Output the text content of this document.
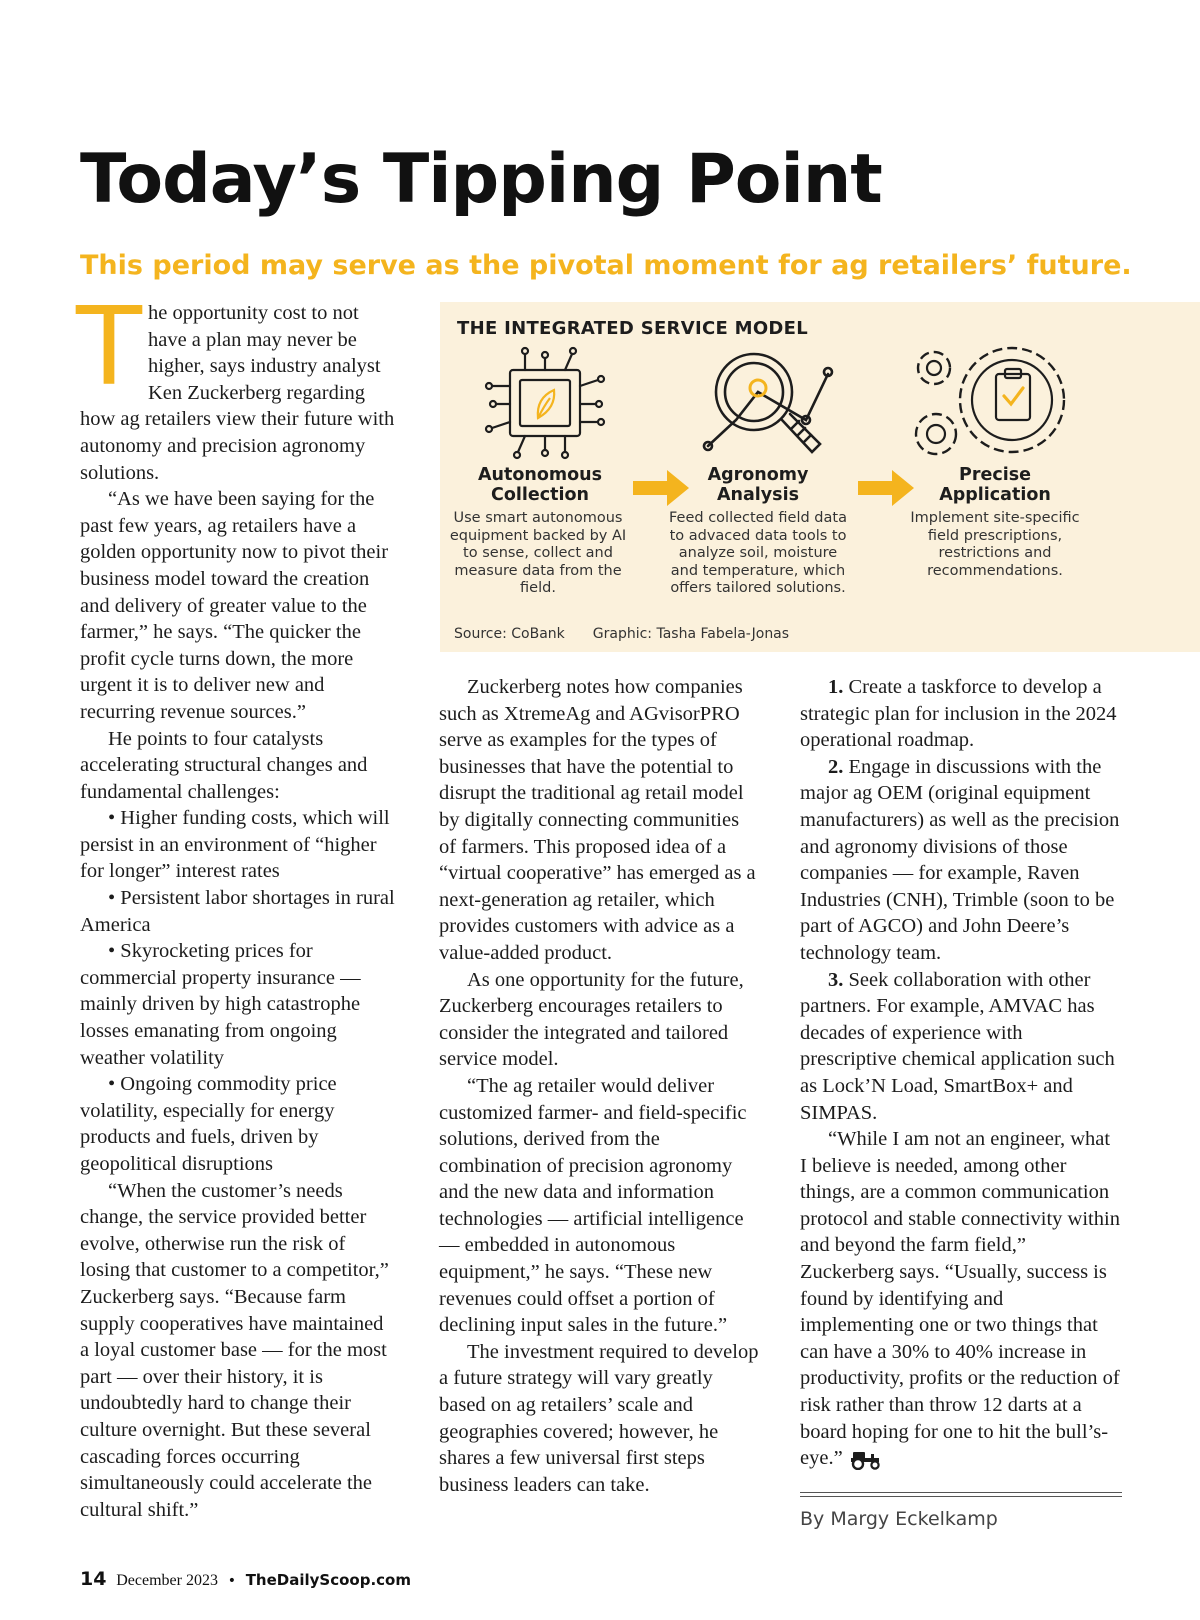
Today’s Tipping Point
This period may serve as the pivotal moment for ag retailers’ future.

The opportunity cost to not have a plan may never be higher, says industry analyst Ken Zuckerberg regarding how ag retailers view their future with autonomy and precision agronomy solutions.

“As we have been saying for the past few years, ag retailers have a golden opportunity now to pivot their business model toward the creation and delivery of greater value to the farmer,” he says. “The quicker the profit cycle turns down, the more urgent it is to deliver new and recurring revenue sources.”

He points to four catalysts accelerating structural changes and fundamental challenges:

• Higher funding costs, which will persist in an environment of “higher for longer” interest rates

• Persistent labor shortages in rural America

• Skyrocketing prices for commercial property insurance — mainly driven by high catastrophe losses emanating from ongoing weather volatility

• Ongoing commodity price volatility, especially for energy products and fuels, driven by geopolitical disruptions

“When the customer’s needs change, the service provided better evolve, otherwise run the risk of losing that customer to a competitor,” Zuckerberg says. “Because farm supply cooperatives have maintained a loyal customer base — for the most part — over their history, it is undoubtedly hard to change their culture overnight. But these several cascading forces occurring simultaneously could accelerate the cultural shift.”

THE INTEGRATED SERVICE MODEL
Autonomous
Collection
Agronomy
Analysis
Precise
Application
Use smart autonomous equipment backed by AI to sense, collect and measure data from the field.
Feed collected field data to advaced data tools to analyze soil, moisture and temperature, which offers tailored solutions.
Implement site-specific field prescriptions, restrictions and recommendations.
Source: CoBank Graphic: Tasha Fabela-Jonas

Zuckerberg notes how companies such as XtremeAg and AGvisorPRO serve as examples for the types of businesses that have the potential to disrupt the traditional ag retail model by digitally connecting communities of farmers. This proposed idea of a “virtual cooperative” has emerged as a next-generation ag retailer, which provides customers with advice as a value-added product.

As one opportunity for the future, Zuckerberg encourages retailers to consider the integrated and tailored service model.

“The ag retailer would deliver customized farmer- and field-specific solutions, derived from the combination of precision agronomy and the new data and information technologies — artificial intelligence — embedded in autonomous equipment,” he says. “These new revenues could offset a portion of declining input sales in the future.”

The investment required to develop a future strategy will vary greatly based on ag retailers’ scale and geographies covered; however, he shares a few universal first steps business leaders can take.

1. Create a taskforce to develop a strategic plan for inclusion in the 2024 operational roadmap.

2. Engage in discussions with the major ag OEM (original equipment manufacturers) as well as the precision and agronomy divisions of those companies — for example, Raven Industries (CNH), Trimble (soon to be part of AGCO) and John Deere’s technology team.

3. Seek collaboration with other partners. For example, AMVAC has decades of experience with prescriptive chemical application such as Lock’N Load, SmartBox+ and SIMPAS.

“While I am not an engineer, what I believe is needed, among other things, are a common communication protocol and stable connectivity within and beyond the farm field,” Zuckerberg says. “Usually, success is found by identifying and implementing one or two things that can have a 30% to 40% increase in productivity, profits or the reduction of risk rather than throw 12 darts at a board hoping for one to hit the bull’s-eye.”

By Margy Eckelkamp
14 December 2023 • TheDailyScoop.com
